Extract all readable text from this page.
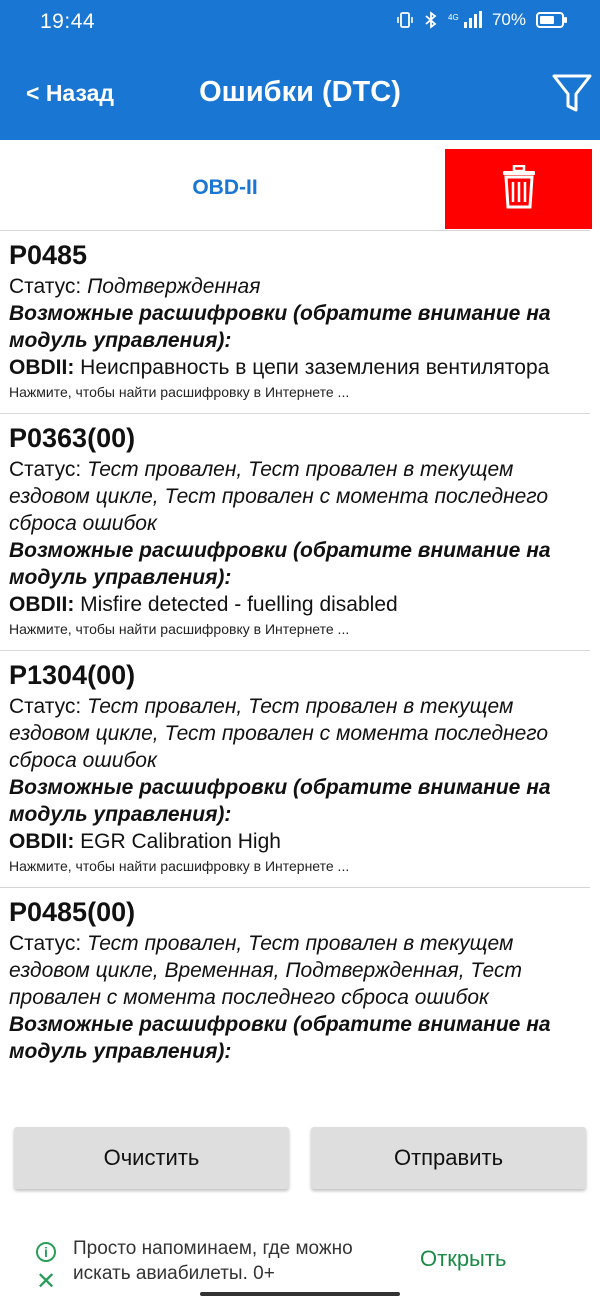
19:44	4G 70%
< Назад	Ошибки (DTC)
OBD-II
P0485
Статус: Подтвержденная
Возможные расшифровки (обратите внимание на модуль управления):
OBDII: Неисправность в цепи заземления вентилятора
Нажмите, чтобы найти расшифровку в Интернете ...
P0363(00)
Статус: Тест провален, Тест провален в текущем ездовом цикле, Тест провален с момента последнего сброса ошибок
Возможные расшифровки (обратите внимание на модуль управления):
OBDII: Misfire detected - fuelling disabled
Нажмите, чтобы найти расшифровку в Интернете ...
P1304(00)
Статус: Тест провален, Тест провален в текущем ездовом цикле, Тест провален с момента последнего сброса ошибок
Возможные расшифровки (обратите внимание на модуль управления):
OBDII: EGR Calibration High
Нажмите, чтобы найти расшифровку в Интернете ...
P0485(00)
Статус: Тест провален, Тест провален в текущем ездовом цикле, Временная, Подтвержденная, Тест провален с момента последнего сброса ошибок
Возможные расшифровки (обратите внимание на модуль управления):
Очистить	Отправить
i
✕
Просто напоминаем, где можно искать авиабилеты. 0+
Открыть
